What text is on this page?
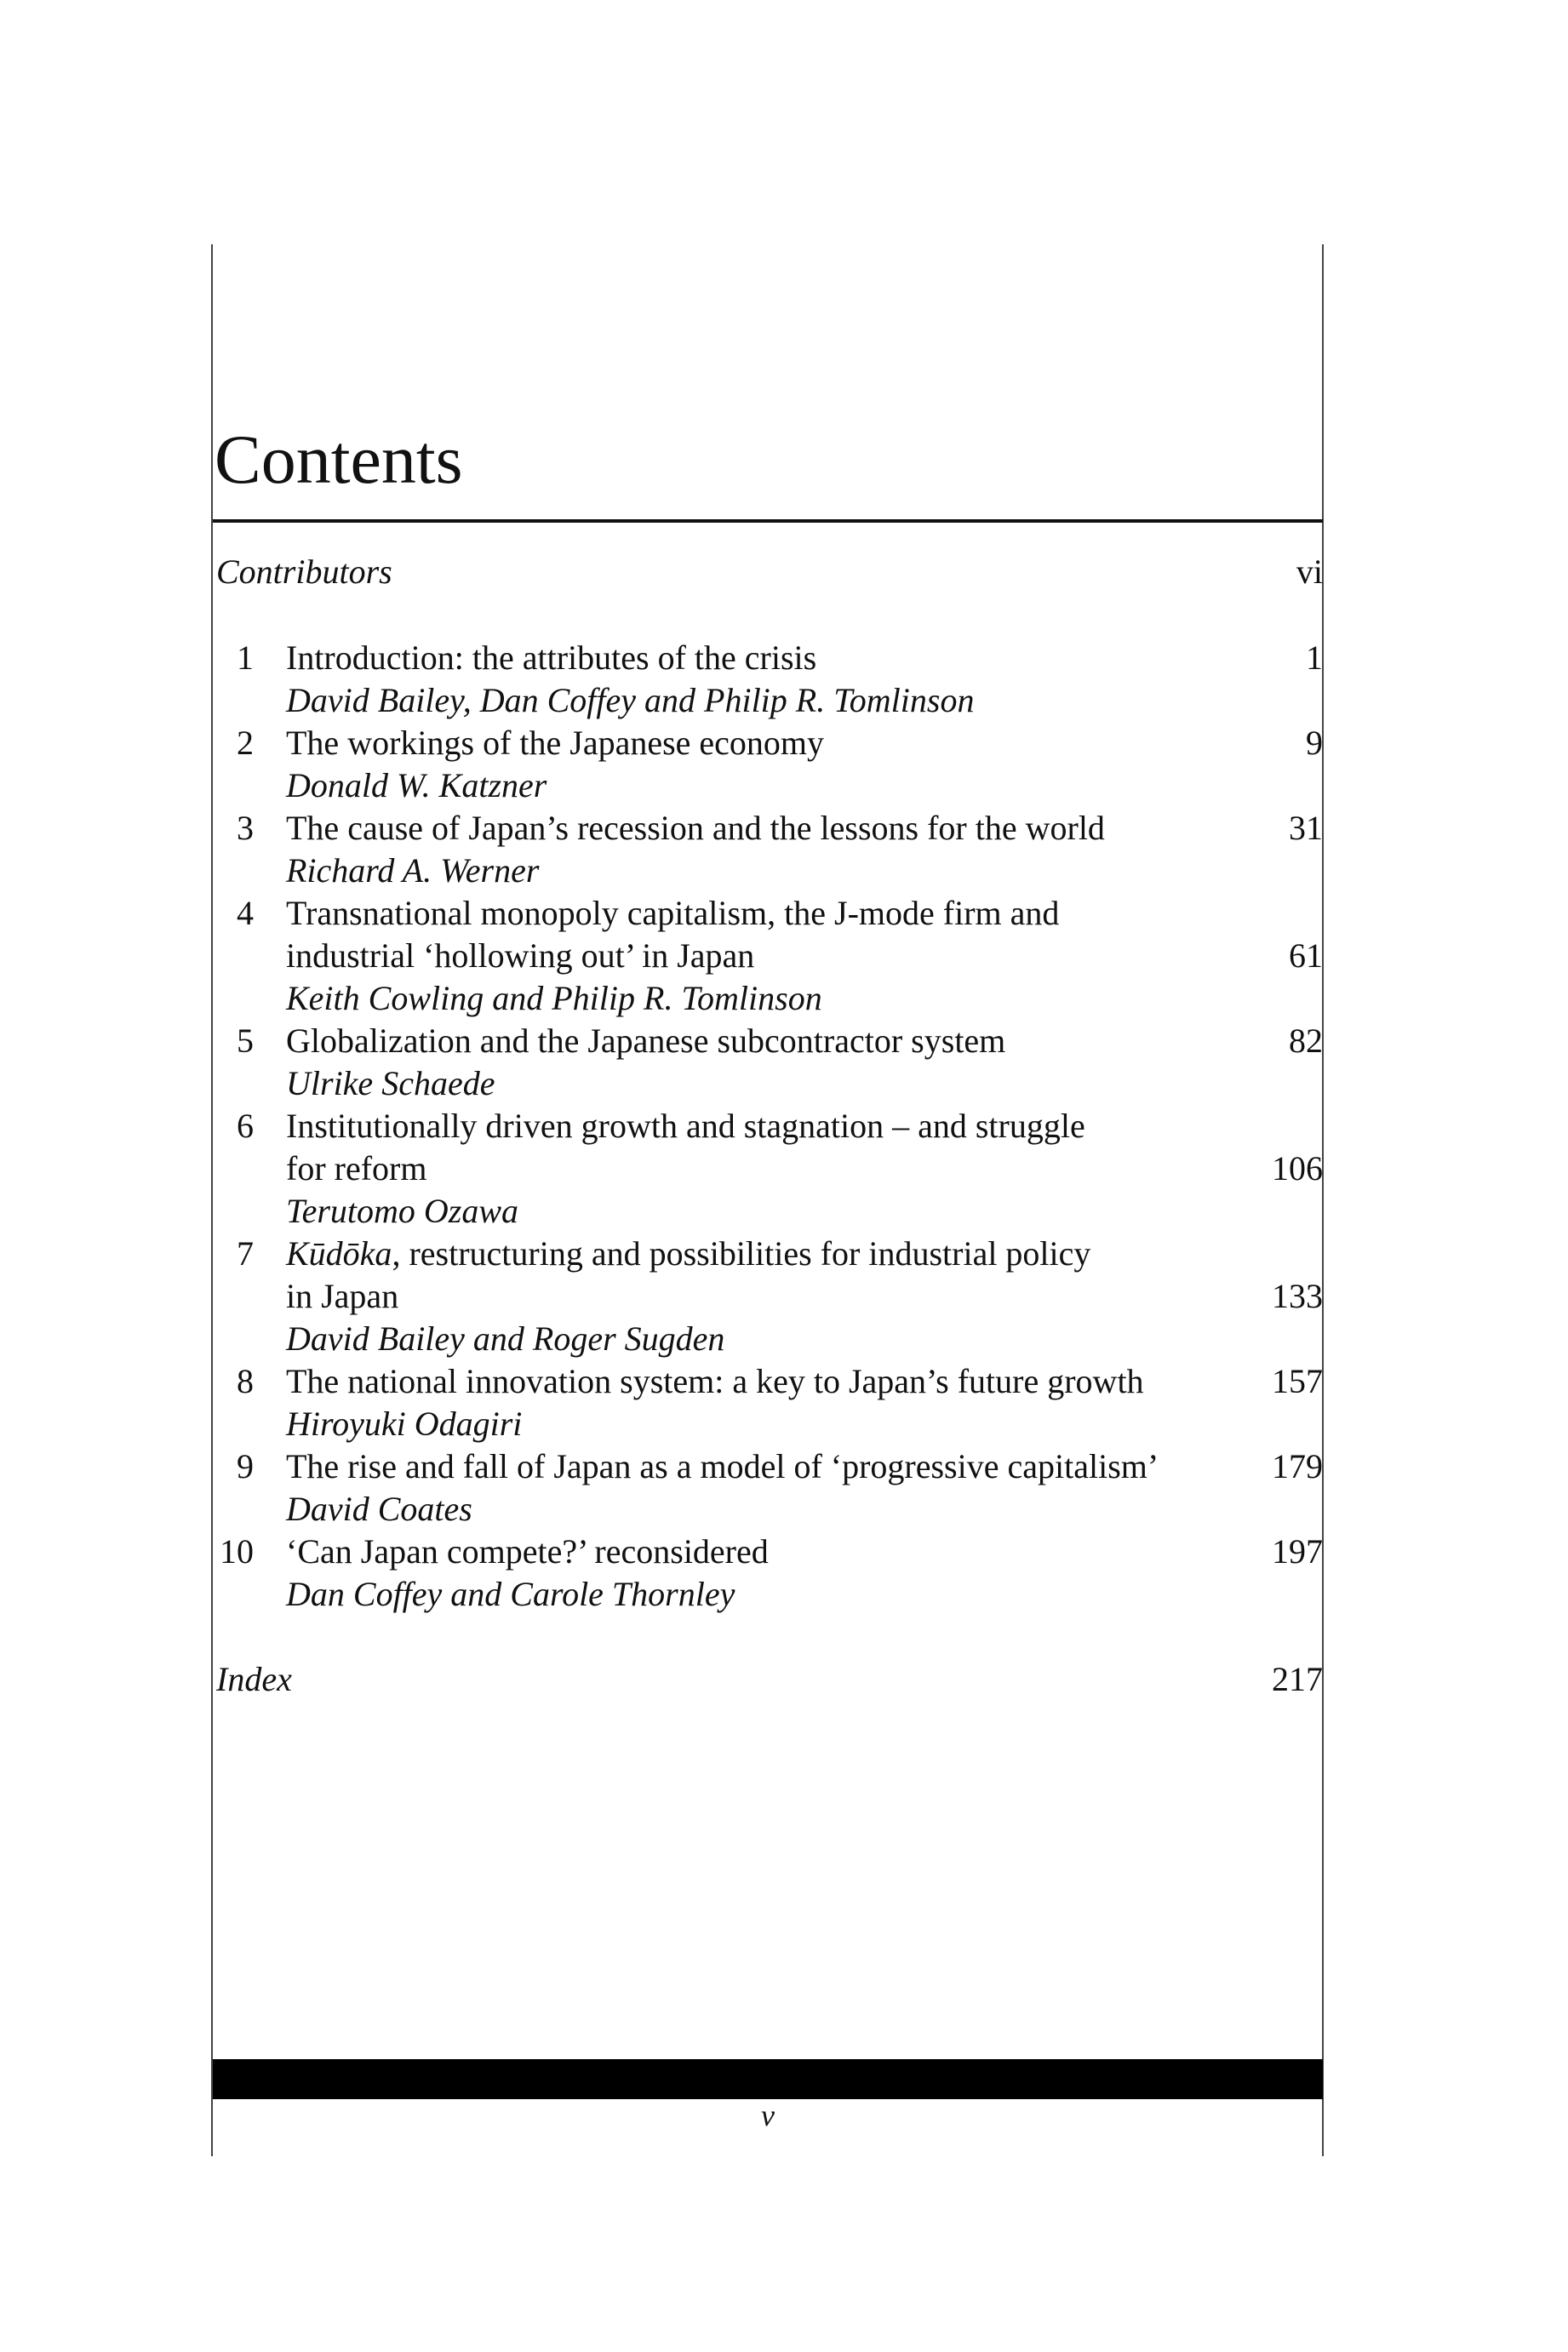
Contents
Contributors	vi
1 Introduction: the attributes of the crisis	1
David Bailey, Dan Coffey and Philip R. Tomlinson
2 The workings of the Japanese economy	9
Donald W. Katzner
3 The cause of Japan’s recession and the lessons for the world	31
Richard A. Werner
4 Transnational monopoly capitalism, the J-mode firm and
industrial ‘hollowing out’ in Japan	61
Keith Cowling and Philip R. Tomlinson
5 Globalization and the Japanese subcontractor system	82
Ulrike Schaede
6 Institutionally driven growth and stagnation – and struggle
for reform	106
Terutomo Ozawa
7 Kūdōka, restructuring and possibilities for industrial policy
in Japan	133
David Bailey and Roger Sugden
8 The national innovation system: a key to Japan’s future growth	157
Hiroyuki Odagiri
9 The rise and fall of Japan as a model of ‘progressive capitalism’	179
David Coates
10 ‘Can Japan compete?’ reconsidered	197
Dan Coffey and Carole Thornley
Index	217
v
